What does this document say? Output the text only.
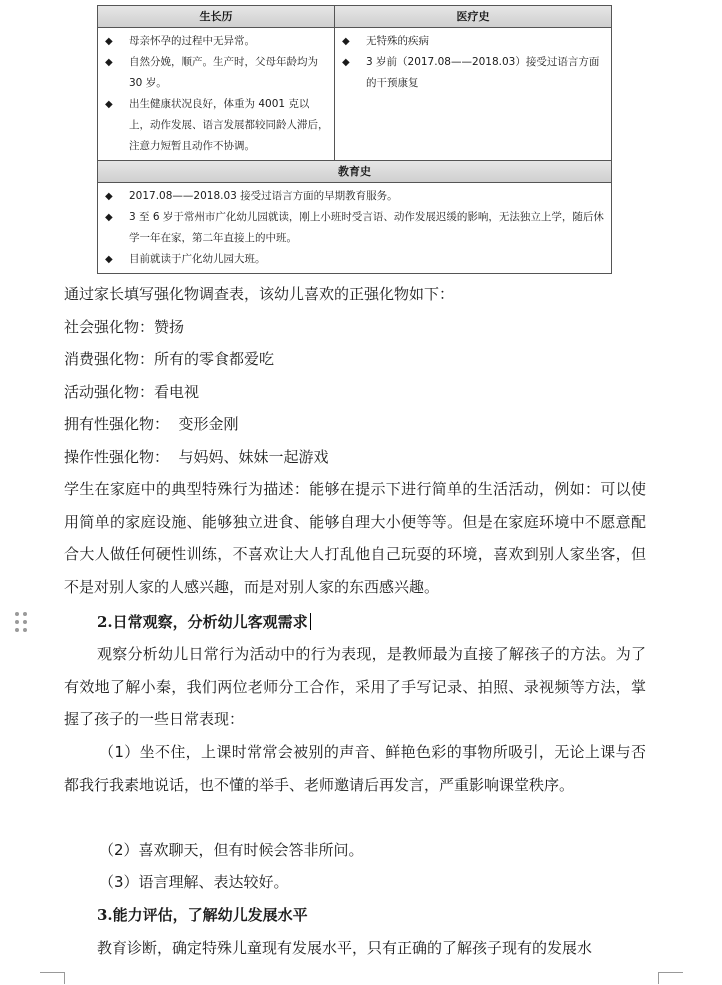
生长历
◆ 母亲怀孕的过程中无异常。
◆ 自然分娩，顺产。生产时，父母年龄均为 30 岁。
◆ 出生健康状况良好，体重为 4001 克以上，动作发展、语言发展都较同龄人滞后，注意力短暂且动作不协调。
医疗史
◆ 无特殊的疾病
◆ 3 岁前（2017.08——2018.03）接受过语言方面的干预康复
教育史
◆ 2017.08——2018.03 接受过语言方面的早期教育服务。
◆ 3 至 6 岁于常州市广化幼儿园就读，刚上小班时受言语、动作发展迟缓的影响，无法独立上学，随后休学一年在家，第二年直接上的中班。
◆ 目前就读于广化幼儿园大班。
通过家长填写强化物调查表，该幼儿喜欢的正强化物如下：
社会强化物：赞扬
消费强化物：所有的零食都爱吃
活动强化物：看电视
拥有性强化物：  变形金刚
操作性强化物：  与妈妈、妹妹一起游戏
学生在家庭中的典型特殊行为描述：能够在提示下进行简单的生活活动，例如：可以使用简单的家庭设施、能够独立进食、能够自理大小便等等。但是在家庭环境中不愿意配合大人做任何硬性训练，不喜欢让大人打乱他自己玩耍的环境，喜欢到别人家坐客，但不是对别人家的人感兴趣，而是对别人家的东西感兴趣。
2.日常观察，分析幼儿客观需求
观察分析幼儿日常行为活动中的行为表现，是教师最为直接了解孩子的方法。为了有效地了解小秦，我们两位老师分工合作，采用了手写记录、拍照、录视频等方法，掌握了孩子的一些日常表现：
（1）坐不住，上课时常常会被别的声音、鲜艳色彩的事物所吸引，无论上课与否都我行我素地说话，也不懂的举手、老师邀请后再发言，严重影响课堂秩序。
（2）喜欢聊天，但有时候会答非所问。
（3）语言理解、表达较好。
3.能力评估，了解幼儿发展水平
教育诊断，确定特殊儿童现有发展水平，只有正确的了解孩子现有的发展水
